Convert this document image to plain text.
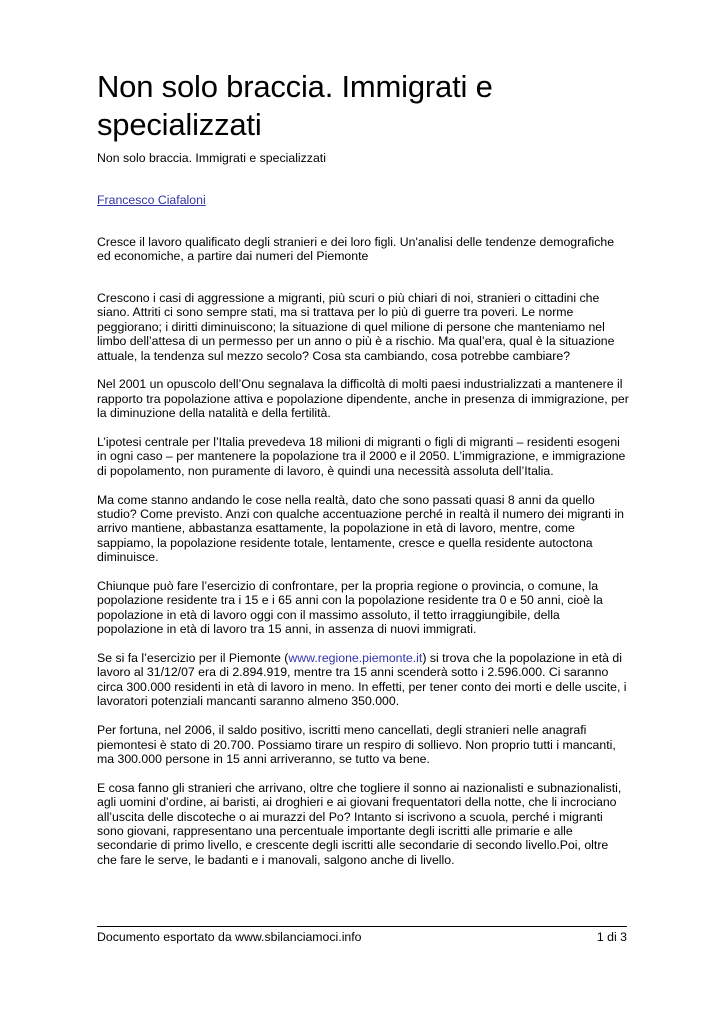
Non solo braccia. Immigrati e specializzati

Non solo braccia. Immigrati e specializzati

Francesco Ciafaloni

Cresce il lavoro qualificato degli stranieri e dei loro figli. Un'analisi delle tendenze demografiche ed economiche, a partire dai numeri del Piemonte

Crescono i casi di aggressione a migranti, più scuri o più chiari di noi, stranieri o cittadini che siano. Attriti ci sono sempre stati, ma si trattava per lo più di guerre tra poveri. Le norme peggiorano; i diritti diminuiscono; la situazione di quel milione di persone che manteniamo nel limbo dell’attesa di un permesso per un anno o più è a rischio. Ma qual’era, qual è la situazione attuale, la tendenza sul mezzo secolo? Cosa sta cambiando, cosa potrebbe cambiare?

Nel 2001 un opuscolo dell’Onu segnalava la difficoltà di molti paesi industrializzati a mantenere il rapporto tra popolazione attiva e popolazione dipendente, anche in presenza di immigrazione, per la diminuzione della natalità e della fertilità.

L’ipotesi centrale per l’Italia prevedeva 18 milioni di migranti o figli di migranti – residenti esogeni in ogni caso – per mantenere la popolazione tra il 2000 e il 2050. L’immigrazione, e immigrazione di popolamento, non puramente di lavoro, è quindi una necessità assoluta dell’Italia.

Ma come stanno andando le cose nella realtà, dato che sono passati quasi 8 anni da quello studio? Come previsto. Anzi con qualche accentuazione perché in realtà il numero dei migranti in arrivo mantiene, abbastanza esattamente, la popolazione in età di lavoro, mentre, come sappiamo, la popolazione residente totale, lentamente, cresce e quella residente autoctona diminuisce.

Chiunque può fare l’esercizio di confrontare, per la propria regione o provincia, o comune, la popolazione residente tra i 15 e i 65 anni con la popolazione residente tra 0 e 50 anni, cioè la popolazione in età di lavoro oggi con il massimo assoluto, il tetto irraggiungibile, della popolazione in età di lavoro tra 15 anni, in assenza di nuovi immigrati.

Se si fa l’esercizio per il Piemonte (www.regione.piemonte.it) si trova che la popolazione in età di lavoro al 31/12/07 era di 2.894.919, mentre tra 15 anni scenderà sotto i 2.596.000. Ci saranno circa 300.000 residenti in età di lavoro in meno. In effetti, per tener conto dei morti e delle uscite, i lavoratori potenziali mancanti saranno almeno 350.000.

Per fortuna, nel 2006, il saldo positivo, iscritti meno cancellati, degli stranieri nelle anagrafi piemontesi è stato di 20.700. Possiamo tirare un respiro di sollievo. Non proprio tutti i mancanti, ma 300.000 persone in 15 anni arriveranno, se tutto va bene.

E cosa fanno gli stranieri che arrivano, oltre che togliere il sonno ai nazionalisti e subnazionalisti, agli uomini d’ordine, ai baristi, ai droghieri e ai giovani frequentatori della notte, che li incrociano all’uscita delle discoteche o ai murazzi del Po? Intanto si iscrivono a scuola, perché i migranti sono giovani, rappresentano una percentuale importante degli iscritti alle primarie e alle secondarie di primo livello, e crescente degli iscritti alle secondarie di secondo livello.Poi, oltre che fare le serve, le badanti e i manovali, salgono anche di livello.

Documento esportato da www.sbilanciamoci.info	1 di 3
